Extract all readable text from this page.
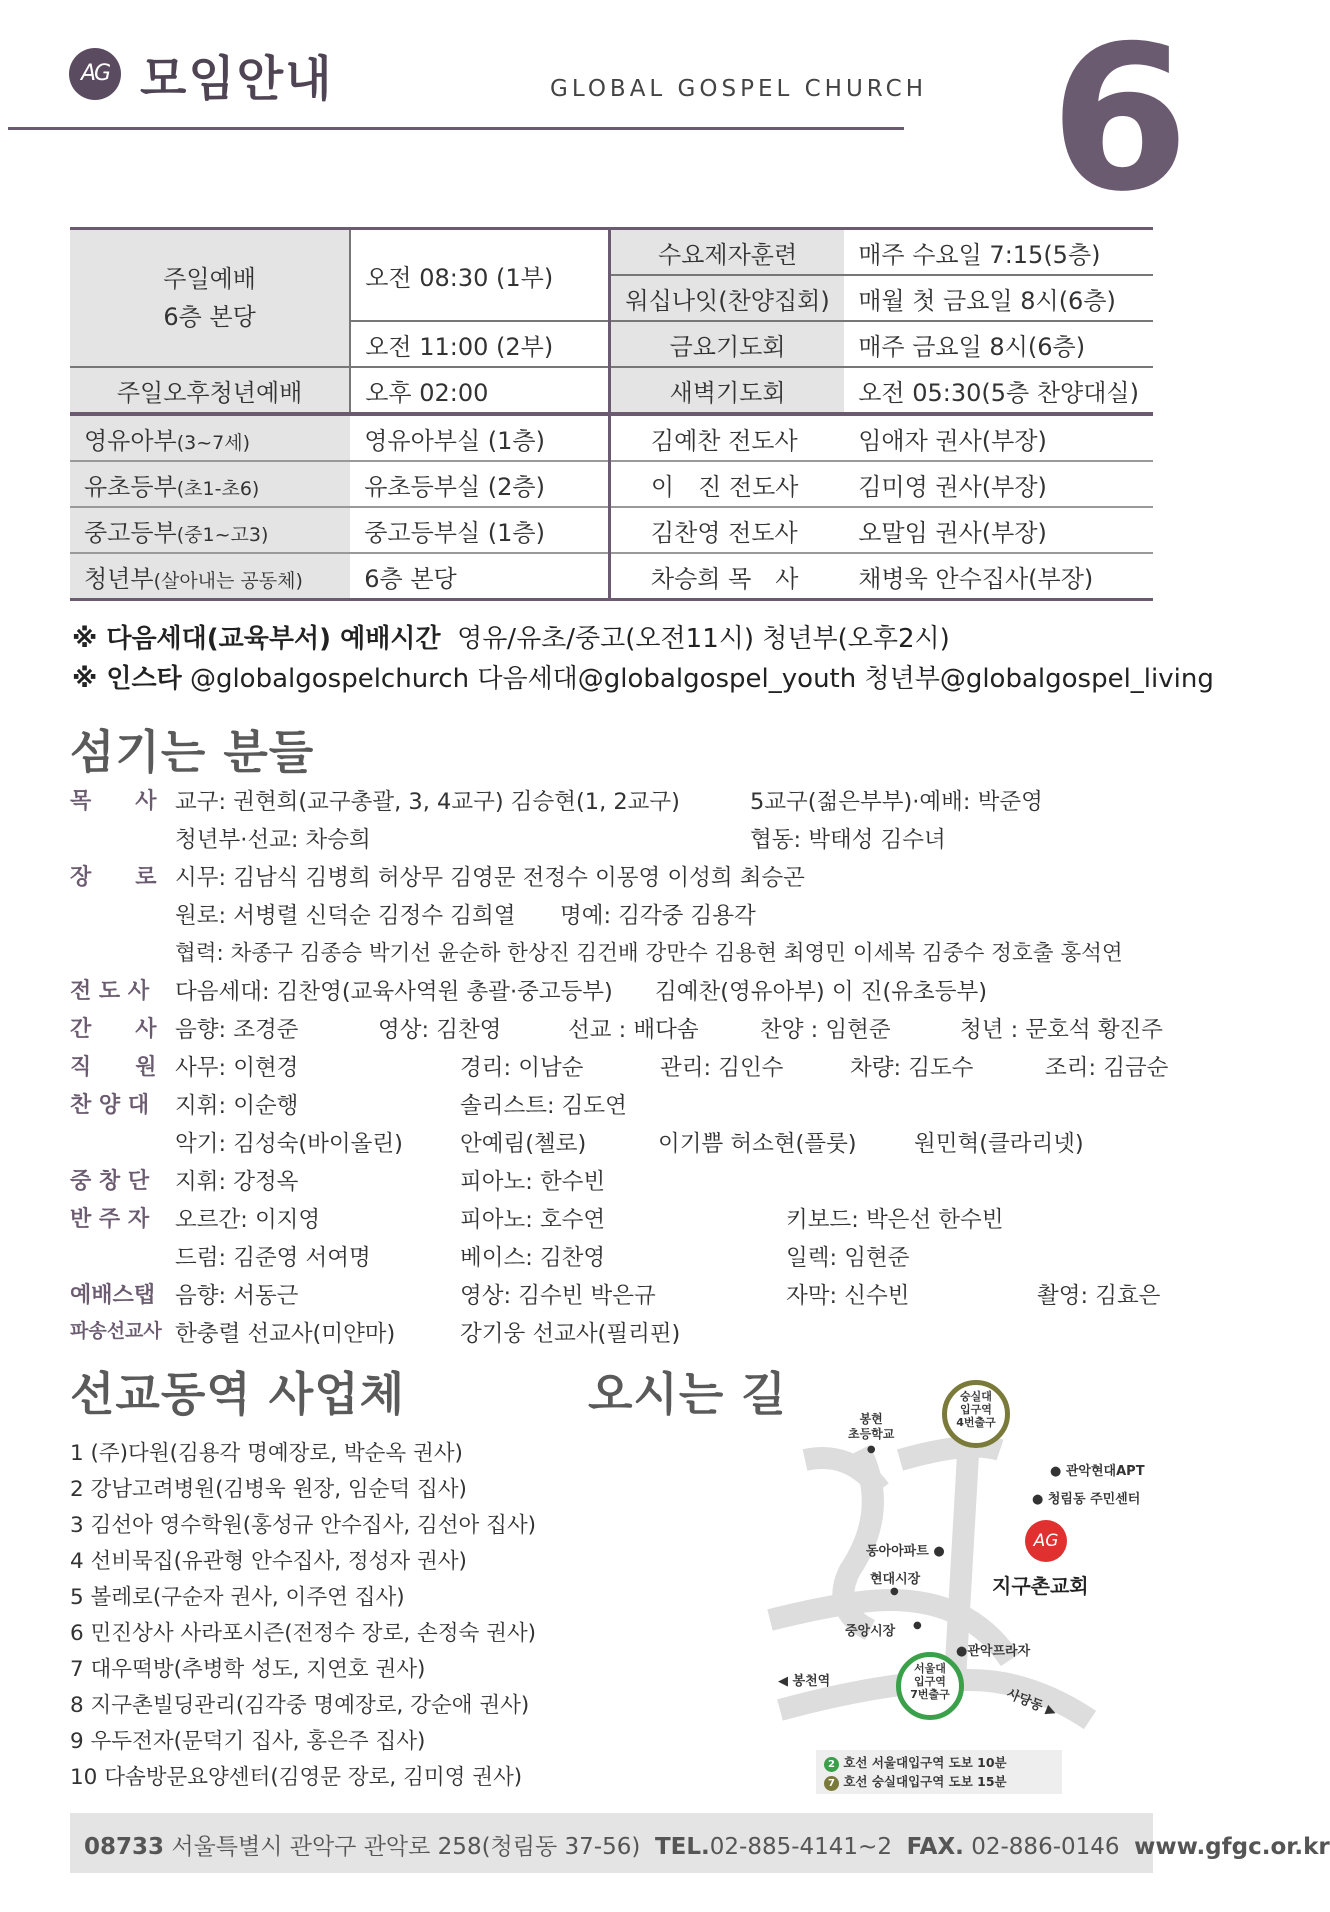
AG 모임안내	GLOBAL GOSPEL CHURCH 6
주일예배
6층 본당	오전 08:30 (1부)	수요제자훈련	매주 수요일 7:15(5층)
		워십나잇(찬양집회)	매월 첫 금요일 8시(6층)
	오전 11:00 (2부)	금요기도회	매주 금요일 8시(6층)
주일오후청년예배	오후 02:00	새벽기도회	오전 05:30(5층 찬양대실)
영유아부(3~7세)	영유아부실 (1층)	김예찬 전도사	임애자 권사(부장)
유초등부(초1-초6)	유초등부실 (2층)	이　진 전도사	김미영 권사(부장)
중고등부(중1~고3)	중고등부실 (1층)	김찬영 전도사	오말임 권사(부장)
청년부(살아내는 공동체)	6층 본당	차승희 목　사	채병욱 안수집사(부장)
※ 다음세대(교육부서) 예배시간 영유/유초/중고(오전11시) 청년부(오후2시)
※ 인스타 @globalgospelchurch 다음세대@globalgospel_youth 청년부@globalgospel_living
섬기는 분들
목　　사 교구: 권현희(교구총괄, 3, 4교구) 김승현(1, 2교구)	5교구(젊은부부)·예배: 박준영
청년부·선교: 차승희	협동: 박태성 김수녀
장　　로 시무: 김남식 김병희 허상무 김영문 전정수 이몽영 이성희 최승곤
원로: 서병렬 신덕순 김정수 김희열 명예: 김각중 김용각
협력: 차종구 김종승 박기선 윤순하 한상진 김건배 강만수 김용현 최영민 이세복 김중수 정호출 홍석연
전 도 사	다음세대: 김찬영(교육사역원 총괄·중고등부) 김예찬(영유아부) 이 진(유초등부)
간　　사 음향: 조경준	영상: 김찬영	선교 : 배다솜	찬양 : 임현준	청년 : 문호석 황진주
직　　원 사무: 이현경	경리: 이남순	관리: 김인수	차량: 김도수	조리: 김금순
찬 양 대	지휘: 이순행	솔리스트: 김도연
악기: 김성숙(바이올린)	안예림(첼로)	이기쁨 허소현(플룻)	원민혁(클라리넷)
중 창 단	지휘: 강정옥	피아노: 한수빈
반 주 자	오르간: 이지영	피아노: 호수연	키보드: 박은선 한수빈
드럼: 김준영 서여명	베이스: 김찬영	일렉: 임현준
예배스탭 음향: 서동근	영상: 김수빈 박은규	자막: 신수빈	촬영: 김효은
파송선교사 한충렬 선교사(미얀마)	강기웅 선교사(필리핀)
선교동역 사업체
1 (주)다원(김용각 명예장로, 박순옥 권사)
2 강남고려병원(김병욱 원장, 임순덕 집사)
3 김선아 영수학원(홍성규 안수집사, 김선아 집사)
4 선비묵집(유관형 안수집사, 정성자 권사)
5 볼레로(구순자 권사, 이주연 집사)
6 민진상사 사라포시즌(전정수 장로, 손정숙 권사)
7 대우떡방(추병학 성도, 지연호 권사)
8 지구촌빌딩관리(김각중 명예장로, 강순애 권사)
9 우두전자(문덕기 집사, 홍은주 집사)
10 다솜방문요양센터(김영문 장로, 김미영 권사)
오시는 길	숭실대
입구역
4번출구
서울대
입구역
7번출구
봉현
초등학교
●
● 관악현대APT
● 청림동 주민센터
동아아파트 ●
현대시장
●
중앙시장 ●
●관악프라자
AG
지구촌교회
◀ 봉천역
사당동 ▶
2 호선 서울대입구역 도보 10분
7 호선 숭실대입구역 도보 15분
08733 서울특별시 관악구 관악로 258(청림동 37-56) TEL.02-885-4141~2 FAX. 02-886-0146 www.gfgc.or.kr
